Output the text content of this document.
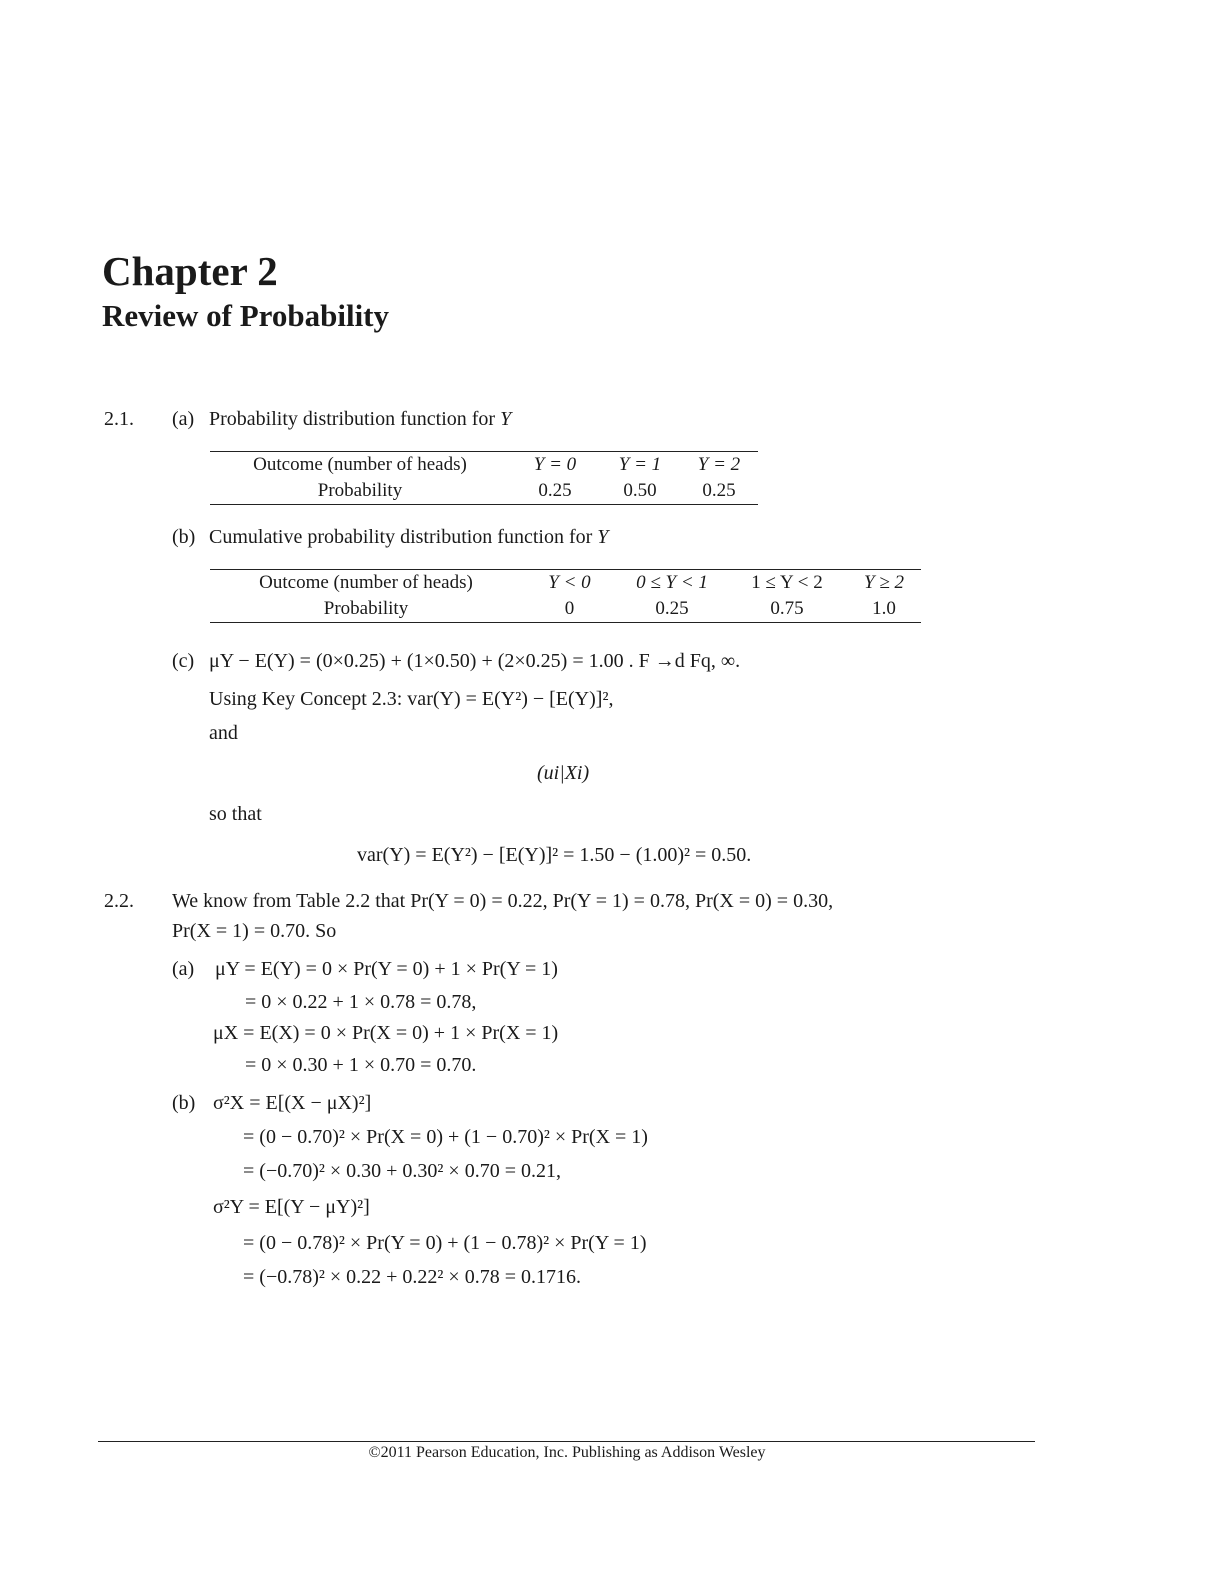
Chapter 2
Review of Probability
2.1. (a) Probability distribution function for Y
Outcome (number of heads)	Y = 0	Y = 1	Y = 2
Probability	0.25	0.50	0.25
(b) Cumulative probability distribution function for Y
Outcome (number of heads)	Y < 0	0 ≤ Y < 1	1 ≤ Y < 2	Y ≥ 2
Probability	0	0.25	0.75	1.0
(c) μY − E(Y) = (0×0.25) + (1×0.50) + (2×0.25) = 1.00 . F →d Fq, ∞.
Using Key Concept 2.3: var(Y) = E(Y²) − [E(Y)]²,
and
(ui|Xi)
so that
var(Y) = E(Y²) − [E(Y)]² = 1.50 − (1.00)² = 0.50.
2.2. We know from Table 2.2 that Pr(Y = 0) = 0.22, Pr(Y = 1) = 0.78, Pr(X = 0) = 0.30,
Pr(X = 1) = 0.70. So
(a) μY = E(Y) = 0 × Pr(Y = 0) + 1 × Pr(Y = 1)
= 0 × 0.22 + 1 × 0.78 = 0.78,
μX = E(X) = 0 × Pr(X = 0) + 1 × Pr(X = 1)
= 0 × 0.30 + 1 × 0.70 = 0.70.
(b) σ²X = E[(X − μX)²]
= (0 − 0.70)² × Pr(X = 0) + (1 − 0.70)² × Pr(X = 1)
= (−0.70)² × 0.30 + 0.30² × 0.70 = 0.21,
σ²Y = E[(Y − μY)²]
= (0 − 0.78)² × Pr(Y = 0) + (1 − 0.78)² × Pr(Y = 1)
= (−0.78)² × 0.22 + 0.22² × 0.78 = 0.1716.
©2011 Pearson Education, Inc. Publishing as Addison Wesley
